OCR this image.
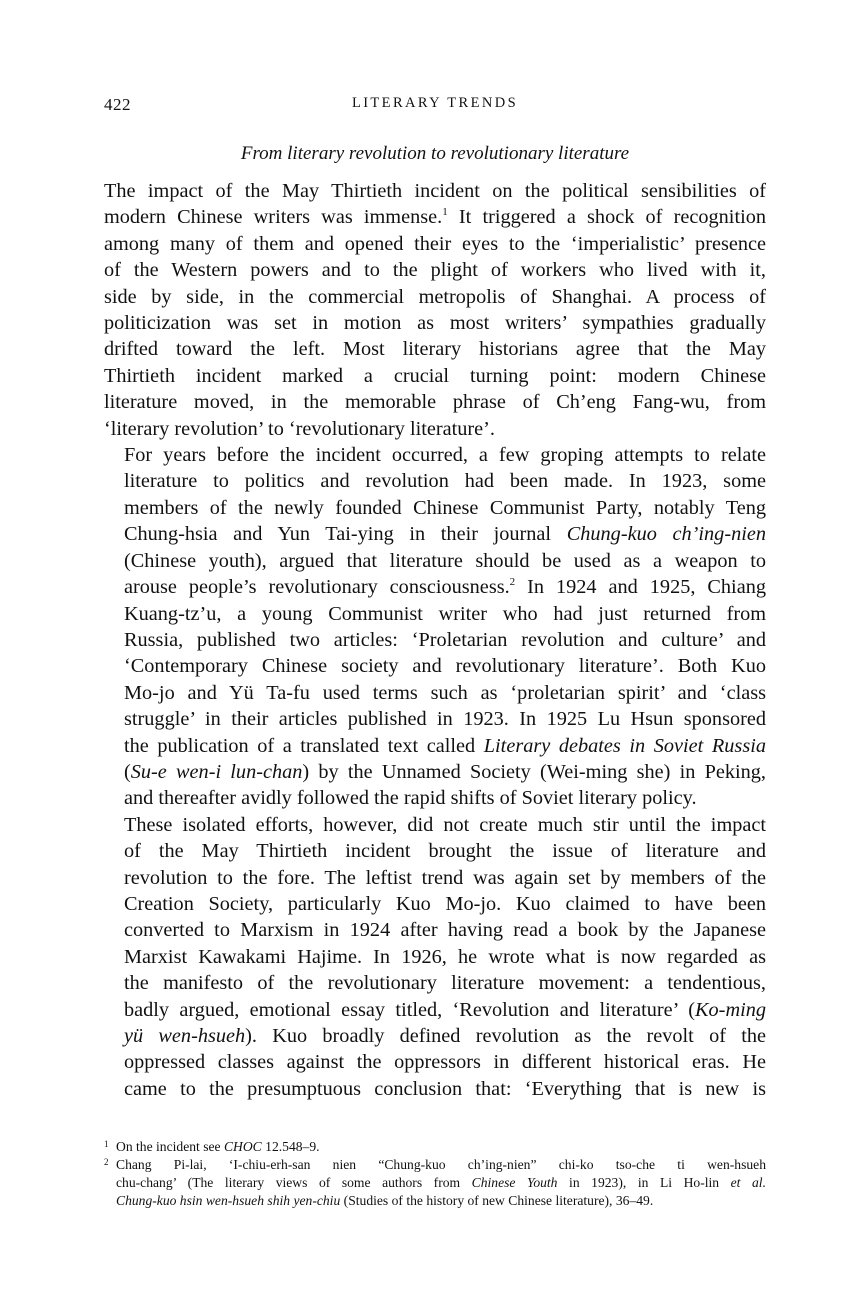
422	LITERARY TRENDS
From literary revolution to revolutionary literature

The impact of the May Thirtieth incident on the political sensibilities of
modern Chinese writers was immense.$^1$ It triggered a shock of recognition
among many of them and opened their eyes to the ‘imperialistic’ presence
of the Western powers and to the plight of workers who lived with it,
side by side, in the commercial metropolis of Shanghai. A process of
politicization was set in motion as most writers’ sympathies gradually
drifted toward the left. Most literary historians agree that the May
Thirtieth incident marked a crucial turning point: modern Chinese
literature moved, in the memorable phrase of Ch’eng Fang-wu, from
‘literary revolution’ to ‘revolutionary literature’.

For years before the incident occurred, a few groping attempts to relate
literature to politics and revolution had been made. In 1923, some
members of the newly founded Chinese Communist Party, notably Teng
Chung-hsia and Yun Tai-ying in their journal Chung-kuo ch’ing-nien
(Chinese youth), argued that literature should be used as a weapon to
arouse people’s revolutionary consciousness.$^2$ In 1924 and 1925, Chiang
Kuang-tz’u, a young Communist writer who had just returned from
Russia, published two articles: ‘Proletarian revolution and culture’ and
‘Contemporary Chinese society and revolutionary literature’. Both Kuo
Mo-jo and Yü Ta-fu used terms such as ‘proletarian spirit’ and ‘class
struggle’ in their articles published in 1923. In 1925 Lu Hsun sponsored
the publication of a translated text called Literary debates in Soviet Russia
(Su-e wen-i lun-chan) by the Unnamed Society (Wei-ming she) in Peking,
and thereafter avidly followed the rapid shifts of Soviet literary policy.

These isolated efforts, however, did not create much stir until the impact
of the May Thirtieth incident brought the issue of literature and
revolution to the fore. The leftist trend was again set by members of the
Creation Society, particularly Kuo Mo-jo. Kuo claimed to have been
converted to Marxism in 1924 after having read a book by the Japanese
Marxist Kawakami Hajime. In 1926, he wrote what is now regarded as
the manifesto of the revolutionary literature movement: a tendentious,
badly argued, emotional essay titled, ‘Revolution and literature’ (Ko-ming
yü wen-hsueh). Kuo broadly defined revolution as the revolt of the
oppressed classes against the oppressors in different historical eras. He
came to the presumptuous conclusion that: ‘Everything that is new is

1 On the incident see CHOC 12.548–9.
2 Chang Pi-lai, ‘I-chiu-erh-san nien “Chung-kuo ch’ing-nien” chi-ko tso-che ti wen-hsueh
chu-chang’ (The literary views of some authors from Chinese Youth in 1923), in Li Ho-lin et al.
Chung-kuo hsin wen-hsueh shih yen-chiu (Studies of the history of new Chinese literature), 36–49.
